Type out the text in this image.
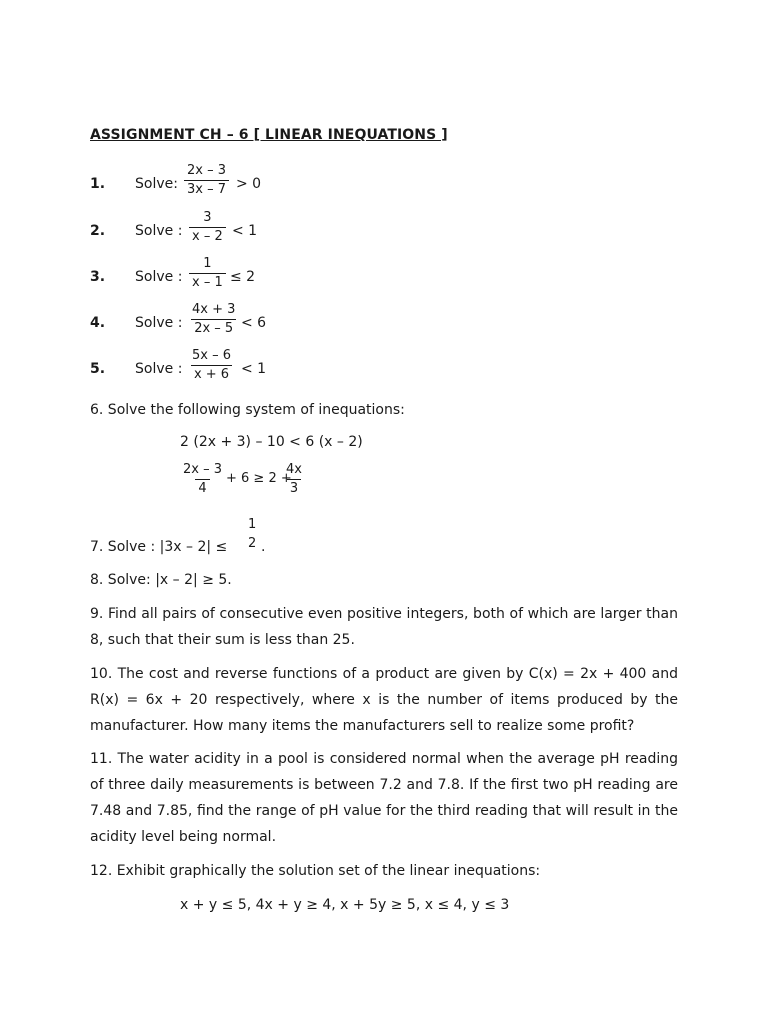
ASSIGNMENT CH – 6 [ LINEAR INEQUATIONS ]
1. Solve: $\frac{2x - 3}{3x - 7} > 0$
2. Solve : $\frac{3}{x - 2} < 1$
3. Solve : $\frac{1}{x - 1} \le 2$
4. Solve : $\frac{4x + 3}{2x - 5} < 6$
5. Solve : $\frac{5x - 6}{x + 6} < 1$
6. Solve the following system of inequations:
2 (2x + 3) – 10 < 6 (x – 2)
$\frac{2x - 3}{4} + 6 \ge 2$ +
$\frac{4x}{3}$
7. Solve : |3x – 2| ≤
1
2 .
8. Solve: |x – 2| ≥ 5.
9. Find all pairs of consecutive even positive integers, both of which are larger than 8, such that their sum is less than 25.
10. The cost and reverse functions of a product are given by C(x) = 2x + 400 and R(x) = 6x + 20 respectively, where x is the number of items produced by the manufacturer. How many items the manufacturers sell to realize some profit?
11. The water acidity in a pool is considered normal when the average pH reading of three daily measurements is between 7.2 and 7.8. If the first two pH reading are 7.48 and 7.85, find the range of pH value for the third reading that will result in the acidity level being normal.
12. Exhibit graphically the solution set of the linear inequations:
x + y ≤ 5, 4x + y ≥ 4, x + 5y ≥ 5, x ≤ 4, y ≤ 3
